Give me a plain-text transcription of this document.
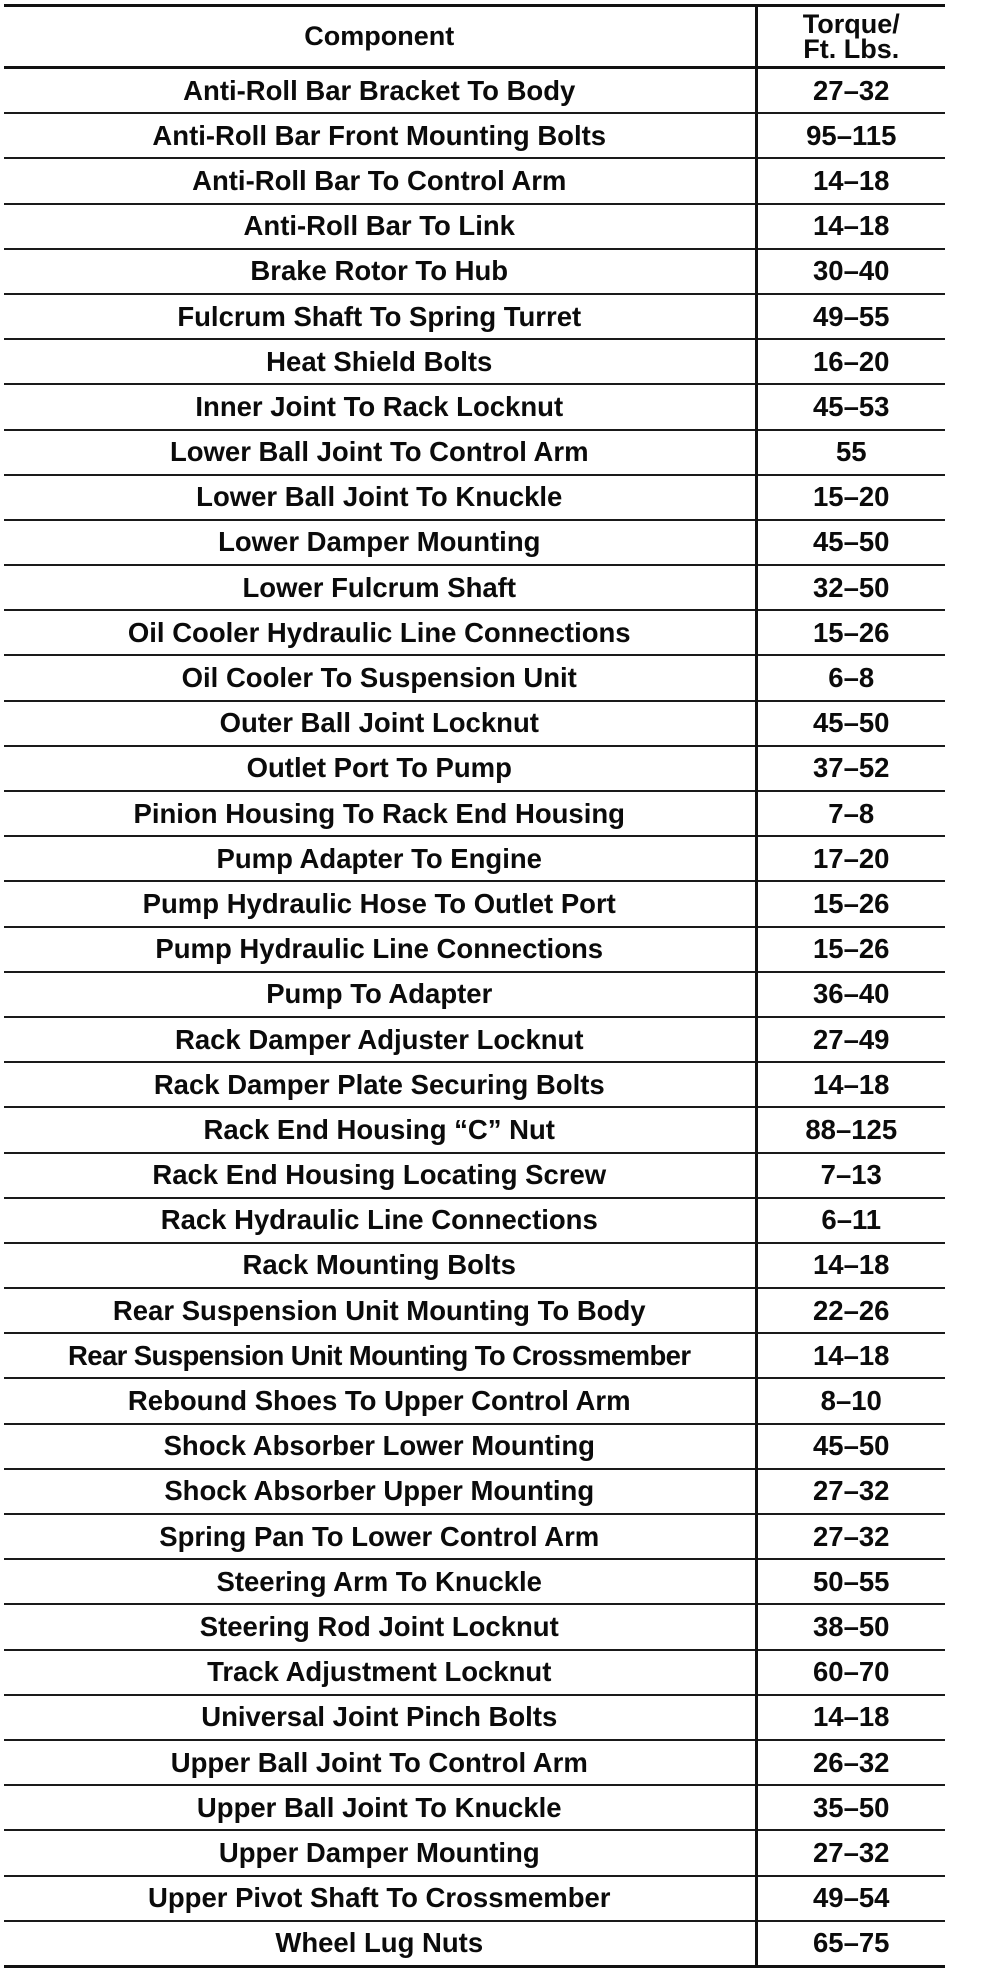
Component	Torque/
Ft. Lbs.
Anti-Roll Bar Bracket To Body	27–32
Anti-Roll Bar Front Mounting Bolts	95–115
Anti-Roll Bar To Control Arm	14–18
Anti-Roll Bar To Link	14–18
Brake Rotor To Hub	30–40
Fulcrum Shaft To Spring Turret	49–55
Heat Shield Bolts	16–20
Inner Joint To Rack Locknut	45–53
Lower Ball Joint To Control Arm	55
Lower Ball Joint To Knuckle	15–20
Lower Damper Mounting	45–50
Lower Fulcrum Shaft	32–50
Oil Cooler Hydraulic Line Connections	15–26
Oil Cooler To Suspension Unit	6–8
Outer Ball Joint Locknut	45–50
Outlet Port To Pump	37–52
Pinion Housing To Rack End Housing	7–8
Pump Adapter To Engine	17–20
Pump Hydraulic Hose To Outlet Port	15–26
Pump Hydraulic Line Connections	15–26
Pump To Adapter	36–40
Rack Damper Adjuster Locknut	27–49
Rack Damper Plate Securing Bolts	14–18
Rack End Housing “C” Nut	88–125
Rack End Housing Locating Screw	7–13
Rack Hydraulic Line Connections	6–11
Rack Mounting Bolts	14–18
Rear Suspension Unit Mounting To Body	22–26
Rear Suspension Unit Mounting To Crossmember	14–18
Rebound Shoes To Upper Control Arm	8–10
Shock Absorber Lower Mounting	45–50
Shock Absorber Upper Mounting	27–32
Spring Pan To Lower Control Arm	27–32
Steering Arm To Knuckle	50–55
Steering Rod Joint Locknut	38–50
Track Adjustment Locknut	60–70
Universal Joint Pinch Bolts	14–18
Upper Ball Joint To Control Arm	26–32
Upper Ball Joint To Knuckle	35–50
Upper Damper Mounting	27–32
Upper Pivot Shaft To Crossmember	49–54
Wheel Lug Nuts	65–75
